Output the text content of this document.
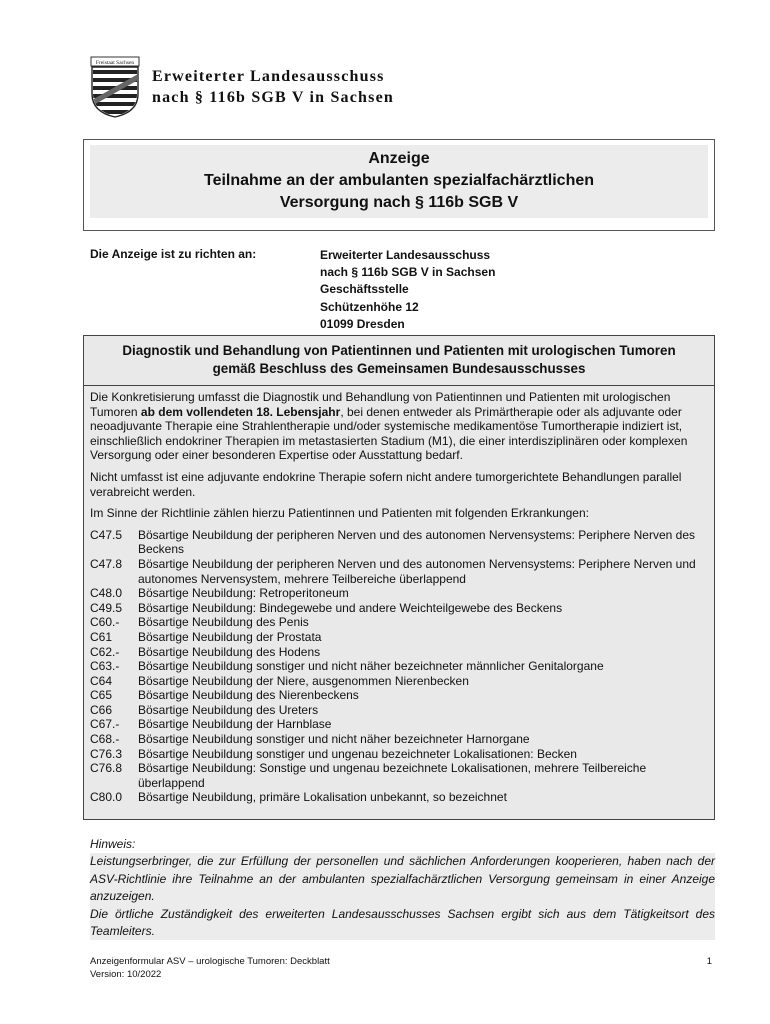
Freistaat Sachsen
Erweiterter Landesausschuss
nach § 116b SGB V in Sachsen
Anzeige
Teilnahme an der ambulanten spezialfachärztlichen
Versorgung nach § 116b SGB V
Die Anzeige ist zu richten an:	Erweiterter Landesausschuss
nach § 116b SGB V in Sachsen
Geschäftsstelle
Schützenhöhe 12
01099 Dresden
Diagnostik und Behandlung von Patientinnen und Patienten mit urologischen Tumoren
gemäß Beschluss des Gemeinsamen Bundesausschusses

Die Konkretisierung umfasst die Diagnostik und Behandlung von Patientinnen und Patienten mit urologischen Tumoren ab dem vollendeten 18. Lebensjahr, bei denen entweder als Primärtherapie oder als adjuvante oder neoadjuvante Therapie eine Strahlentherapie und/oder systemische medikamentöse Tumortherapie indiziert ist, einschließlich endokriner Therapien im metastasierten Stadium (M1), die einer interdisziplinären oder komplexen Versorgung oder einer besonderen Expertise oder Ausstattung bedarf.

Nicht umfasst ist eine adjuvante endokrine Therapie sofern nicht andere tumorgerichtete Behandlungen parallel verabreicht werden.

Im Sinne der Richtlinie zählen hierzu Patientinnen und Patienten mit folgenden Erkrankungen:

C47.5	Bösartige Neubildung der peripheren Nerven und des autonomen Nervensystems: Periphere Nerven des Beckens
C47.8	Bösartige Neubildung der peripheren Nerven und des autonomen Nervensystems: Periphere Nerven und autonomes Nervensystem, mehrere Teilbereiche überlappend
C48.0	Bösartige Neubildung: Retroperitoneum
C49.5	Bösartige Neubildung: Bindegewebe und andere Weichteilgewebe des Beckens
C60.-	Bösartige Neubildung des Penis
C61	Bösartige Neubildung der Prostata
C62.-	Bösartige Neubildung des Hodens
C63.-	Bösartige Neubildung sonstiger und nicht näher bezeichneter männlicher Genitalorgane
C64	Bösartige Neubildung der Niere, ausgenommen Nierenbecken
C65	Bösartige Neubildung des Nierenbeckens
C66	Bösartige Neubildung des Ureters
C67.-	Bösartige Neubildung der Harnblase
C68.-	Bösartige Neubildung sonstiger und nicht näher bezeichneter Harnorgane
C76.3	Bösartige Neubildung sonstiger und ungenau bezeichneter Lokalisationen: Becken
C76.8	Bösartige Neubildung: Sonstige und ungenau bezeichnete Lokalisationen, mehrere Teilbereiche überlappend
C80.0	Bösartige Neubildung, primäre Lokalisation unbekannt, so bezeichnet
Hinweis:
Leistungserbringer, die zur Erfüllung der personellen und sächlichen Anforderungen kooperieren, haben nach der ASV-Richtlinie ihre Teilnahme an der ambulanten spezialfachärztlichen Versorgung gemeinsam in einer Anzeige anzuzeigen.
Die örtliche Zuständigkeit des erweiterten Landesausschusses Sachsen ergibt sich aus dem Tätigkeitsort des Teamleiters.
Anzeigenformular ASV – urologische Tumoren: Deckblatt
Version: 10/2022
1
